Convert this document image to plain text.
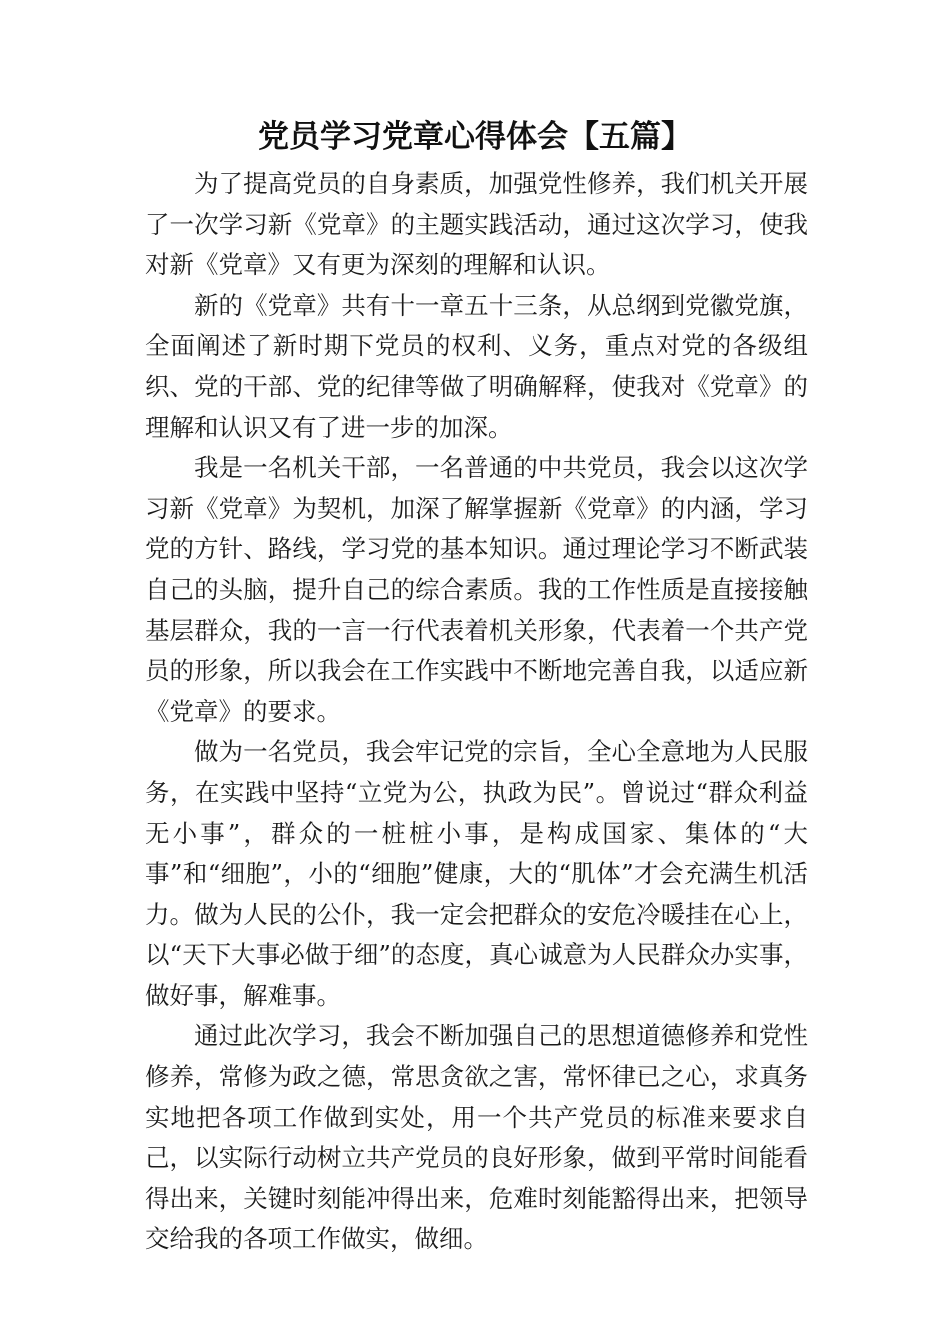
党员学习党章心得体会【五篇】

为了提高党员的自身素质，加强党性修养，我们机关开展了一次学习新《党章》的主题实践活动，通过这次学习，使我对新《党章》又有更为深刻的理解和认识。

新的《党章》共有十一章五十三条，从总纲到党徽党旗，全面阐述了新时期下党员的权利、义务，重点对党的各级组织、党的干部、党的纪律等做了明确解释，使我对《党章》的理解和认识又有了进一步的加深。

我是一名机关干部，一名普通的中共党员，我会以这次学习新《党章》为契机，加深了解掌握新《党章》的内涵，学习党的方针、路线，学习党的基本知识。通过理论学习不断武装自己的头脑，提升自己的综合素质。我的工作性质是直接接触基层群众，我的一言一行代表着机关形象，代表着一个共产党员的形象，所以我会在工作实践中不断地完善自我，以适应新《党章》的要求。

做为一名党员，我会牢记党的宗旨，全心全意地为人民服务，在实践中坚持“立党为公，执政为民”。曾说过“群众利益无小事”，群众的一桩桩小事，是构成国家、集体的“大事”和“细胞”，小的“细胞”健康，大的“肌体”才会充满生机活力。做为人民的公仆，我一定会把群众的安危冷暖挂在心上，以“天下大事必做于细”的态度，真心诚意为人民群众办实事，做好事，解难事。

通过此次学习，我会不断加强自己的思想道德修养和党性修养，常修为政之德，常思贪欲之害，常怀律已之心，求真务实地把各项工作做到实处，用一个共产党员的标准来要求自己，以实际行动树立共产党员的良好形象，做到平常时间能看得出来，关键时刻能冲得出来，危难时刻能豁得出来，把领导交给我的各项工作做实，做细。
